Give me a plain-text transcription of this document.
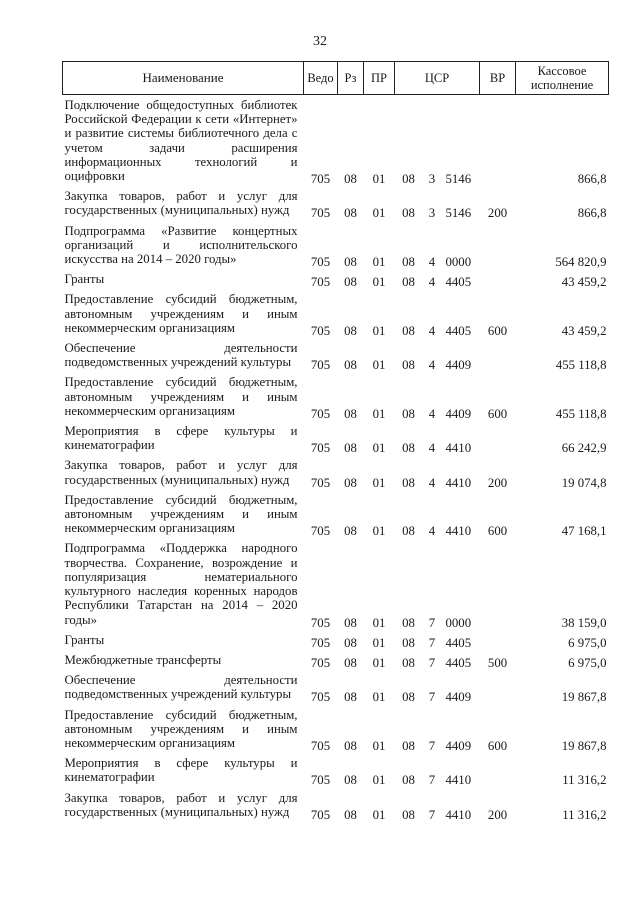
32
Наименование	Ведо	Рз	ПР	ЦСР			ВР	Кассовое исполнение
Подключение общедоступных библиотек Российской Федерации к сети «Интернет» и развитие системы библиотечного дела с учетом задачи расширения информационных технологий и оцифровки	705	08	01	08	3	5146		866,8
Закупка товаров, работ и услуг для государственных (муниципальных) нужд	705	08	01	08	3	5146	200	866,8
Подпрограмма «Развитие концертных организаций и исполнительского искусства на 2014 – 2020 годы»	705	08	01	08	4	0000		564 820,9
Гранты	705	08	01	08	4	4405		43 459,2
Предоставление субсидий бюджетным, автономным учреждениям и иным некоммерческим организациям	705	08	01	08	4	4405	600	43 459,2
Обеспечение деятельности подведомственных учреждений культуры	705	08	01	08	4	4409		455 118,8
Предоставление субсидий бюджетным, автономным учреждениям и иным некоммерческим организациям	705	08	01	08	4	4409	600	455 118,8
Мероприятия в сфере культуры и кинематографии	705	08	01	08	4	4410		66 242,9
Закупка товаров, работ и услуг для государственных (муниципальных) нужд	705	08	01	08	4	4410	200	19 074,8
Предоставление субсидий бюджетным, автономным учреждениям и иным некоммерческим организациям	705	08	01	08	4	4410	600	47 168,1
Подпрограмма «Поддержка народного творчества. Сохранение, возрождение и популяризация нематериального культурного наследия коренных народов Республики Татарстан на 2014 – 2020 годы»	705	08	01	08	7	0000		38 159,0
Гранты	705	08	01	08	7	4405		6 975,0
Межбюджетные трансферты	705	08	01	08	7	4405	500	6 975,0
Обеспечение деятельности подведомственных учреждений культуры	705	08	01	08	7	4409		19 867,8
Предоставление субсидий бюджетным, автономным учреждениям и иным некоммерческим организациям	705	08	01	08	7	4409	600	19 867,8
Мероприятия в сфере культуры и кинематографии	705	08	01	08	7	4410		11 316,2
Закупка товаров, работ и услуг для государственных (муниципальных) нужд	705	08	01	08	7	4410	200	11 316,2
